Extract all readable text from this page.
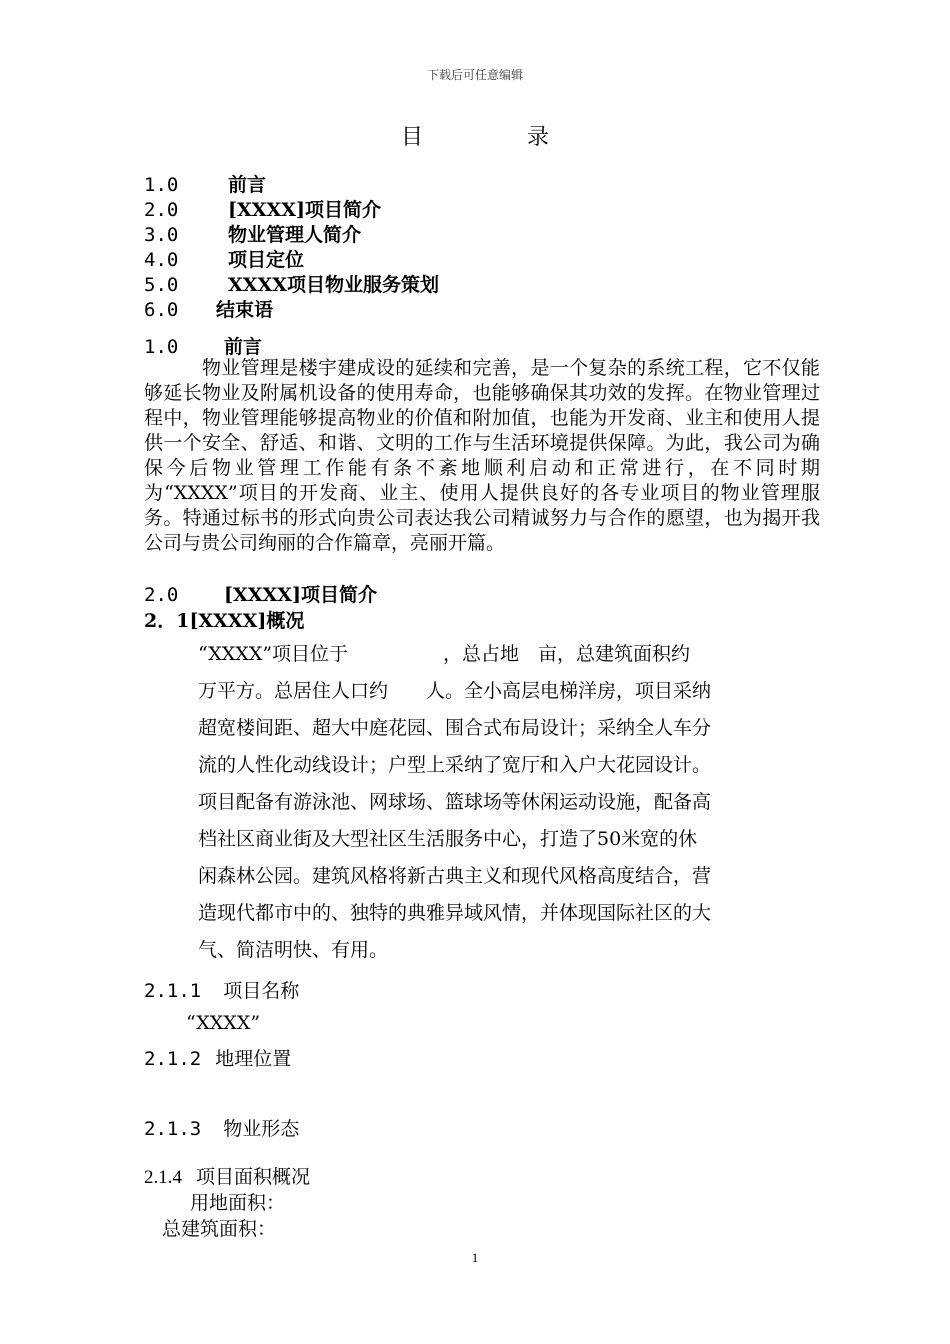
下载后可任意编辑
目录
1.0	前言
2.0	[XXXX]项目简介
3.0	物业管理人简介
4.0	项目定位
5.0	XXXX项目物业服务策划
6.0 结束语
1.0 前言
　　　物业管理是楼宇建成设的延续和完善，是一个复杂的系统工程，它不仅能够延长物业及附属机设备的使用寿命，也能够确保其功效的发挥。在物业管理过程中，物业管理能够提高物业的价值和附加值，也能为开发商、业主和使用人提供一个安全、舒适、和谐、文明的工作与生活环境提供保障。为此，我公司为确保今后物业管理工作能有条不紊地顺利启动和正常进行，在不同时期为“XXXX”项目的开发商、业主、使用人提供良好的各专业项目的物业管理服务。特通过标书的形式向贵公司表达我公司精诚努力与合作的愿望，也为揭开我公司与贵公司绚丽的合作篇章，亮丽开篇。
2.0 [XXXX]项目简介
2．1[XXXX]概况

“XXXX”项目位于　　　　　，总占地　亩，总建筑面积约

万平方。总居住人口约　　人。全小高层电梯洋房，项目采纳

超宽楼间距、超大中庭花园、围合式布局设计；采纳全人车分

流的人性化动线设计；户型上采纳了宽厅和入户大花园设计。

项目配备有游泳池、网球场、篮球场等休闲运动设施，配备高

档社区商业街及大型社区生活服务中心，打造了50米宽的休

闲森林公园。建筑风格将新古典主义和现代风格高度结合，营

造现代都市中的、独特的典雅异域风情，并体现国际社区的大

气、简洁明快、有用。

2.1.1 项目名称
“XXXX”
2.1.2 地理位置
2.1.3 物业形态
2.1.4 项目面积概况
用地面积：
总建筑面积：
1
